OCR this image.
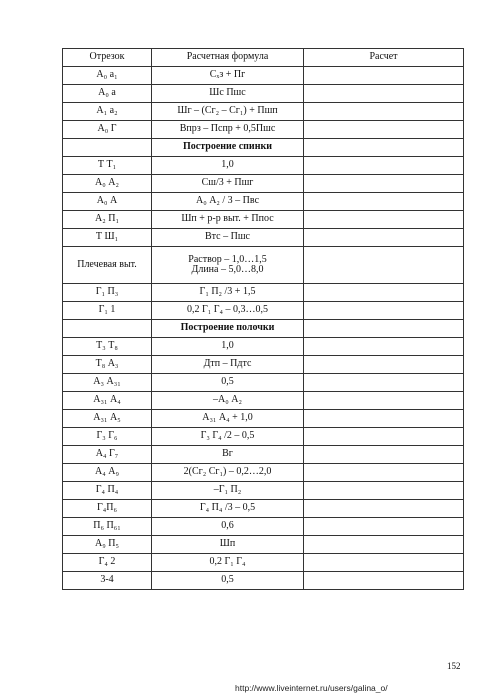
Отрезок	Расчетная формула	Расчет
А₀ а₁	Сₓз + Пг	
А₀ а	Шс Пшс	
А₁ а₂	Шг – (Сг₂ – Сг₁) + Пшп	
А₀ Г	Впрз – Пспр + 0,5Пшс	
	Построение спинки	
Т Т₁	1,0	
А₀ А₂	Сш/3 + Пшг	
А₀ А	А₀ А₂ / 3 – Пвс	
А₂ П₁	Шп + р-р выт. + Ппос	
Т Ш₁	Втс – Пшс	
Плечевая выт.	Раствор – 1,0…1,5
Длина – 5,0…8,0	

Г₁ П₃	Г₁ П₂ /3 + 1,5	
Г₁ 1	0,2 Г₁ Г₄ – 0,3…0,5	
	Построение полочки	
Т₃ Т₈	1,0	
Т₈ А₃	Дтп – Пдтс	
А₃ А₃₁	0,5	
А₃₁ А₄	–А₀ А₂	
А₃₁ А₅	А₃₁ А₄ + 1,0	
Г₃ Г₆	Г₃ Г₄ /2 – 0,5	
А₄ Г₇	Вг	
А₄ А₉	2(Сг₂ Сг₁) – 0,2…2,0	
Г₄ П₄	–Г₁ П₂	
Г₄П₆	Г₄ П₄ /3 – 0,5	
П₆ П₆₁	0,6	
А₉ П₅	Шп	
Г₄ 2	0,2 Г₁ Г₄	
3-4	0,5	
152
http://www.liveinternet.ru/users/galina_o/
